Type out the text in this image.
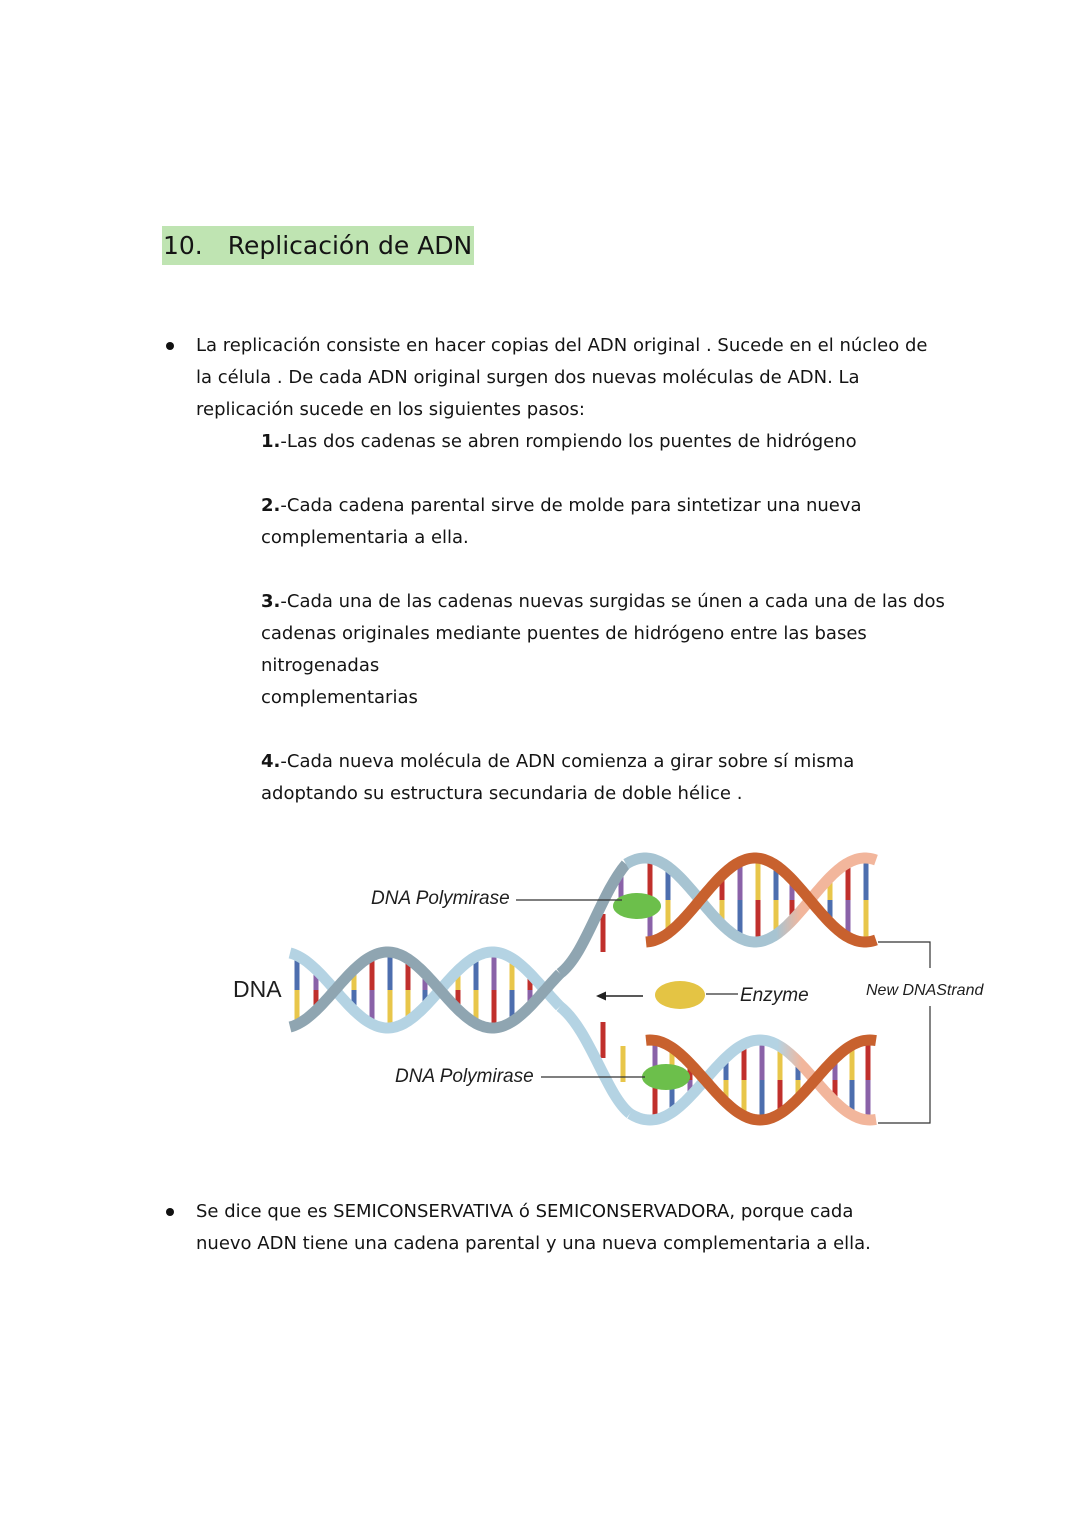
10. Replicación de ADN
La replicación consiste en hacer copias del ADN original . Sucede en el núcleo de
la célula . De cada ADN original surgen dos nuevas moléculas de ADN. La
replicación sucede en los siguientes pasos:
1.-Las dos cadenas se abren rompiendo los puentes de hidrógeno
2.-Cada cadena parental sirve de molde para sintetizar una nueva
complementaria a ella.
3.-Cada una de las cadenas nuevas surgidas se únen a cada una de las dos
cadenas originales mediante puentes de hidrógeno entre las bases
nitrogenadas
complementarias
4.-Cada nueva molécula de ADN comienza a girar sobre sí misma
adoptando su estructura secundaria de doble hélice .
DNA
DNA Polymirase
DNA Polymirase
Enzyme	New DNAStrand
Se dice que es SEMICONSERVATIVA ó SEMICONSERVADORA, porque cada
nuevo ADN tiene una cadena parental y una nueva complementaria a ella.
